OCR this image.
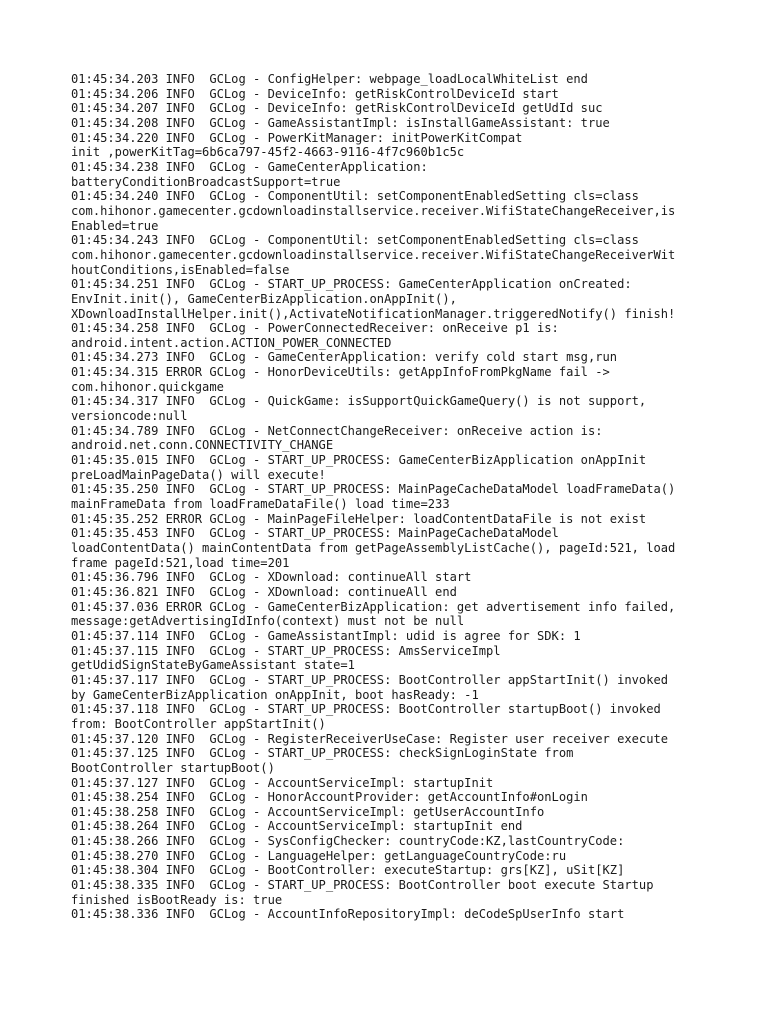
01:45:34.203 INFO  GCLog - ConfigHelper: webpage_loadLocalWhiteList end
01:45:34.206 INFO  GCLog - DeviceInfo: getRiskControlDeviceId start
01:45:34.207 INFO  GCLog - DeviceInfo: getRiskControlDeviceId getUdId suc
01:45:34.208 INFO  GCLog - GameAssistantImpl: isInstallGameAssistant: true
01:45:34.220 INFO  GCLog - PowerKitManager: initPowerKitCompat
init ,powerKitTag=6b6ca797-45f2-4663-9116-4f7c960b1c5c
01:45:34.238 INFO  GCLog - GameCenterApplication:
batteryConditionBroadcastSupport=true
01:45:34.240 INFO  GCLog - ComponentUtil: setComponentEnabledSetting cls=class
com.hihonor.gamecenter.gcdownloadinstallservice.receiver.WifiStateChangeReceiver,is
Enabled=true
01:45:34.243 INFO  GCLog - ComponentUtil: setComponentEnabledSetting cls=class
com.hihonor.gamecenter.gcdownloadinstallservice.receiver.WifiStateChangeReceiverWit
houtConditions,isEnabled=false
01:45:34.251 INFO  GCLog - START_UP_PROCESS: GameCenterApplication onCreated:
EnvInit.init(), GameCenterBizApplication.onAppInit(),
XDownloadInstallHelper.init(),ActivateNotificationManager.triggeredNotify() finish!
01:45:34.258 INFO  GCLog - PowerConnectedReceiver: onReceive p1 is:
android.intent.action.ACTION_POWER_CONNECTED
01:45:34.273 INFO  GCLog - GameCenterApplication: verify cold start msg,run
01:45:34.315 ERROR GCLog - HonorDeviceUtils: getAppInfoFromPkgName fail ->
com.hihonor.quickgame
01:45:34.317 INFO  GCLog - QuickGame: isSupportQuickGameQuery() is not support,
versioncode:null
01:45:34.789 INFO  GCLog - NetConnectChangeReceiver: onReceive action is:
android.net.conn.CONNECTIVITY_CHANGE
01:45:35.015 INFO  GCLog - START_UP_PROCESS: GameCenterBizApplication onAppInit
preLoadMainPageData() will execute!
01:45:35.250 INFO  GCLog - START_UP_PROCESS: MainPageCacheDataModel loadFrameData()
mainFrameData from loadFrameDataFile() load time=233
01:45:35.252 ERROR GCLog - MainPageFileHelper: loadContentDataFile is not exist
01:45:35.453 INFO  GCLog - START_UP_PROCESS: MainPageCacheDataModel
loadContentData() mainContentData from getPageAssemblyListCache(), pageId:521, load
frame pageId:521,load time=201
01:45:36.796 INFO  GCLog - XDownload: continueAll start
01:45:36.821 INFO  GCLog - XDownload: continueAll end
01:45:37.036 ERROR GCLog - GameCenterBizApplication: get advertisement info failed,
message:getAdvertisingIdInfo(context) must not be null
01:45:37.114 INFO  GCLog - GameAssistantImpl: udid is agree for SDK: 1
01:45:37.115 INFO  GCLog - START_UP_PROCESS: AmsServiceImpl
getUdidSignStateByGameAssistant state=1
01:45:37.117 INFO  GCLog - START_UP_PROCESS: BootController appStartInit() invoked
by GameCenterBizApplication onAppInit, boot hasReady: -1
01:45:37.118 INFO  GCLog - START_UP_PROCESS: BootController startupBoot() invoked
from: BootController appStartInit()
01:45:37.120 INFO  GCLog - RegisterReceiverUseCase: Register user receiver execute
01:45:37.125 INFO  GCLog - START_UP_PROCESS: checkSignLoginState from
BootController startupBoot()
01:45:37.127 INFO  GCLog - AccountServiceImpl: startupInit
01:45:38.254 INFO  GCLog - HonorAccountProvider: getAccountInfo#onLogin
01:45:38.258 INFO  GCLog - AccountServiceImpl: getUserAccountInfo
01:45:38.264 INFO  GCLog - AccountServiceImpl: startupInit end
01:45:38.266 INFO  GCLog - SysConfigChecker: countryCode:KZ,lastCountryCode:
01:45:38.270 INFO  GCLog - LanguageHelper: getLanguageCountryCode:ru
01:45:38.304 INFO  GCLog - BootController: executeStartup: grs[KZ], uSit[KZ]
01:45:38.335 INFO  GCLog - START_UP_PROCESS: BootController boot execute Startup
finished isBootReady is: true
01:45:38.336 INFO  GCLog - AccountInfoRepositoryImpl: deCodeSpUserInfo start
